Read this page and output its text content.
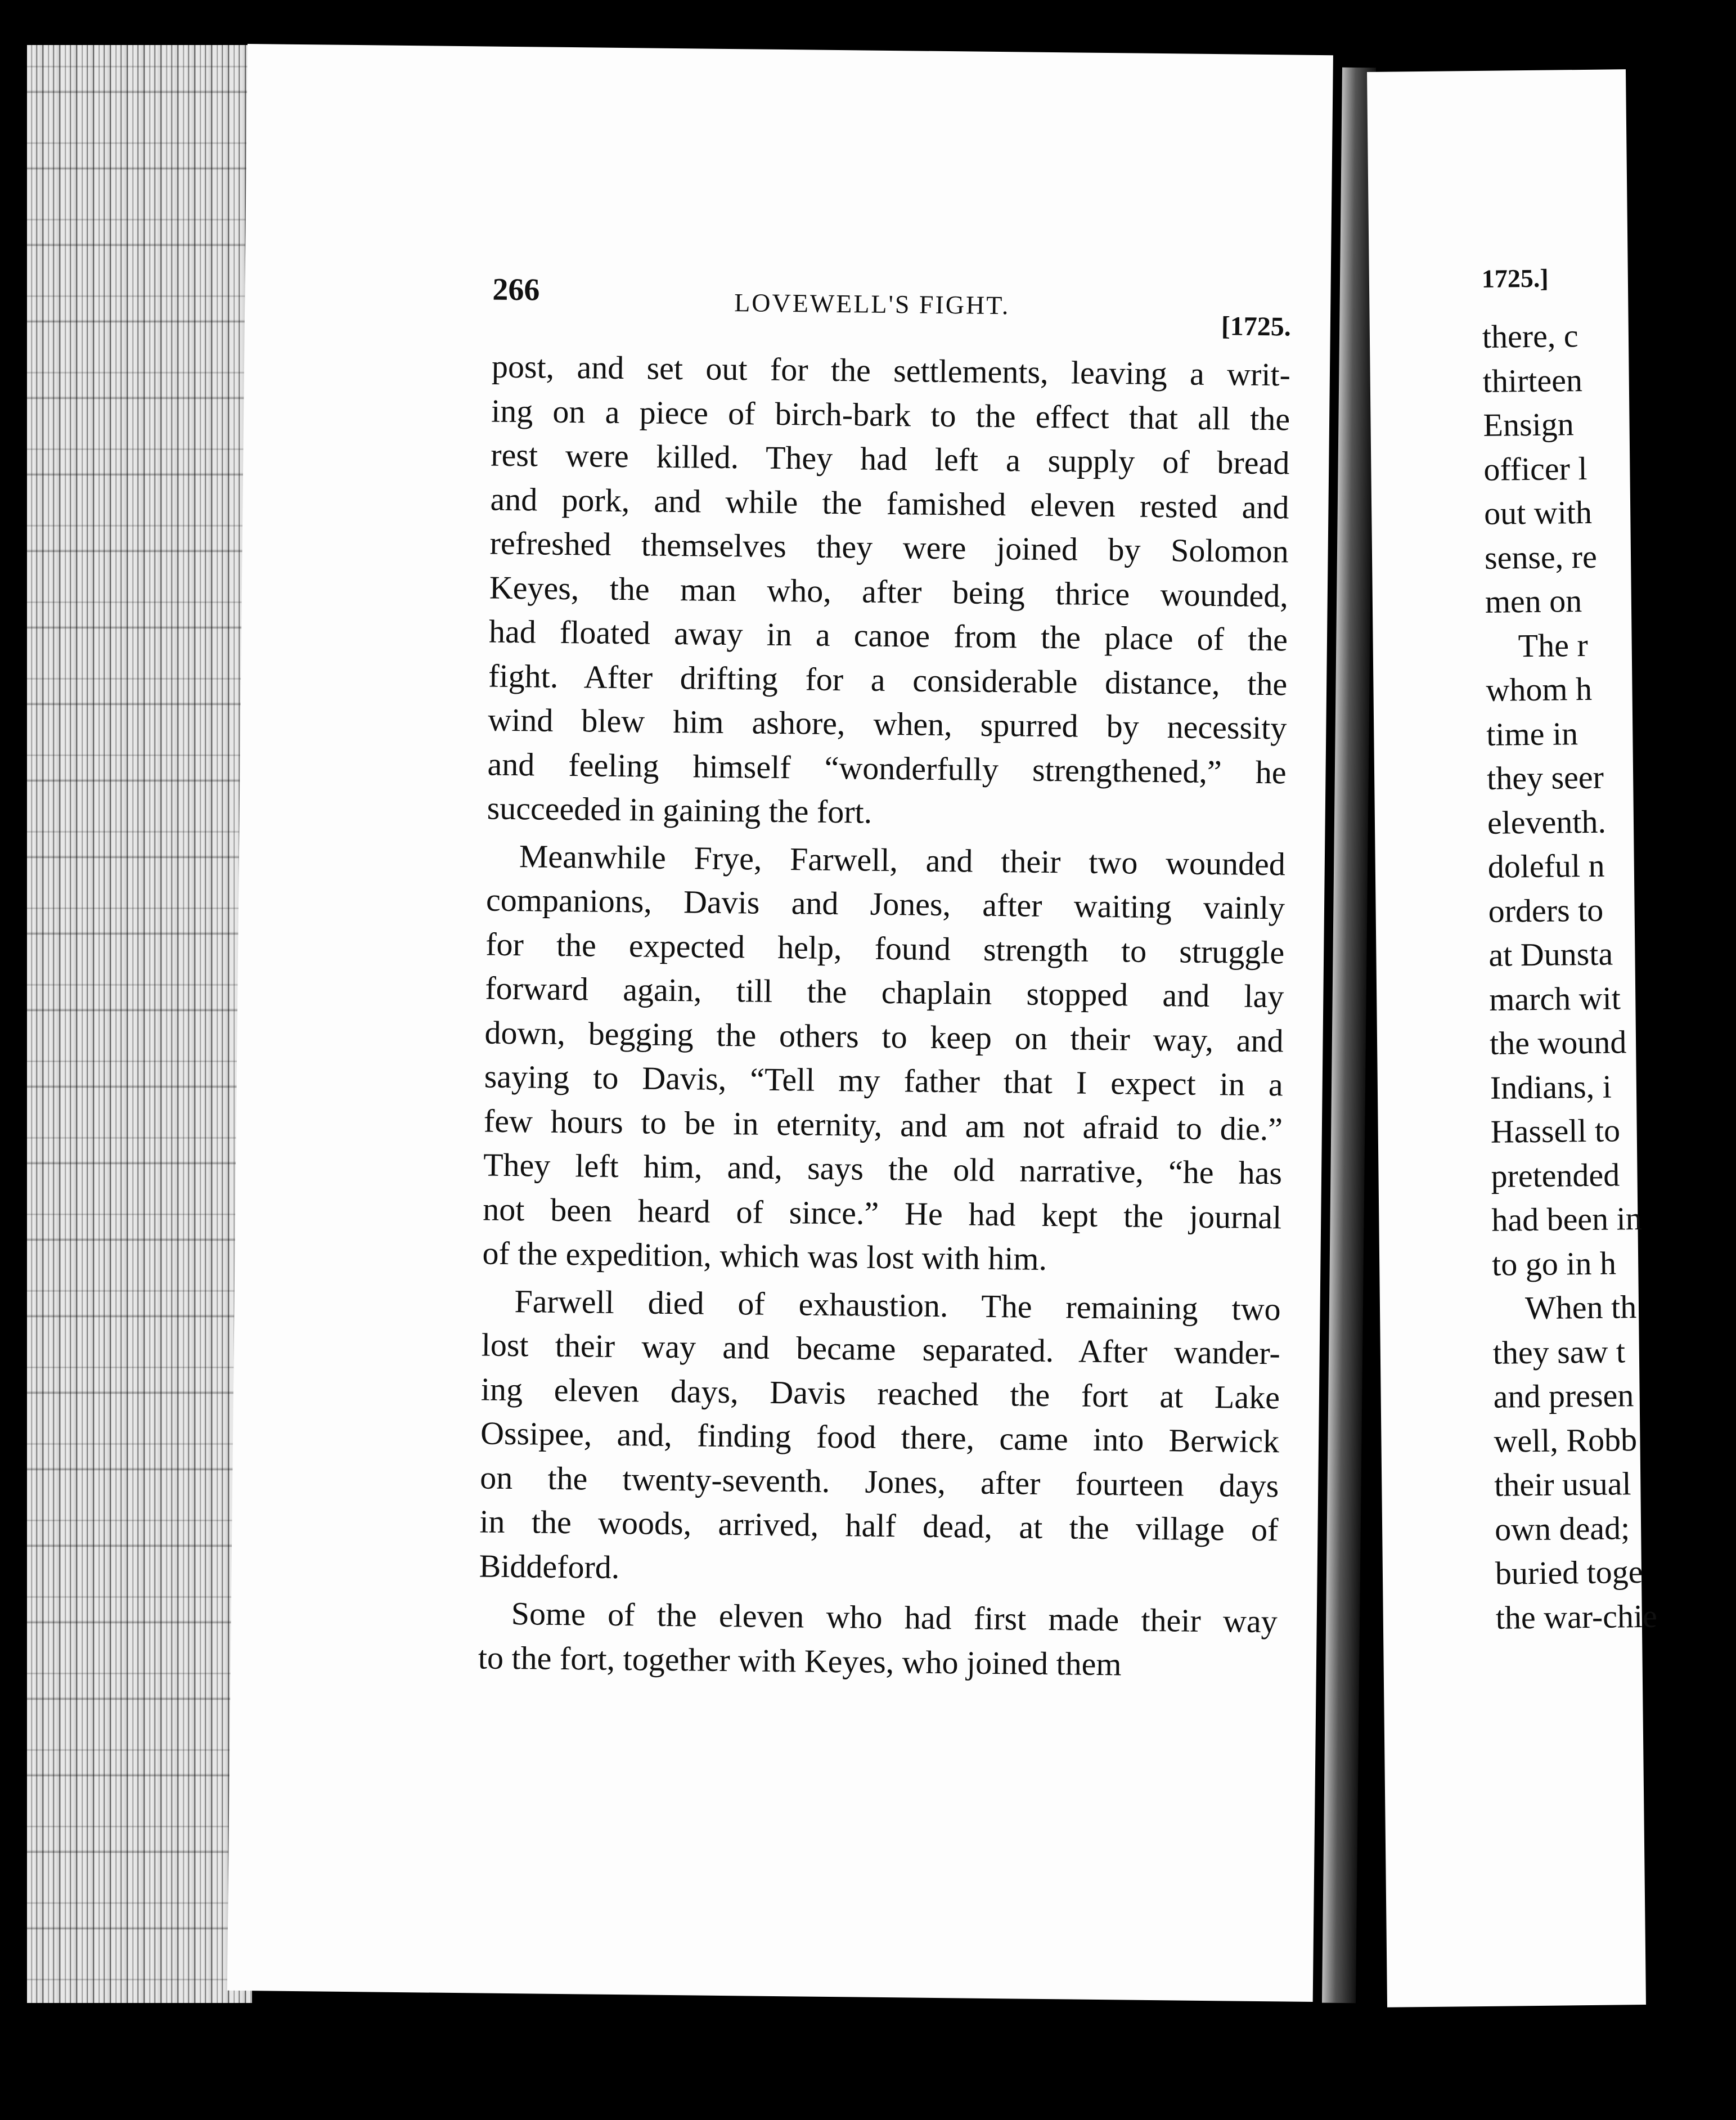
266	LOVEWELL'S FIGHT.
[1725.

post, and set out for the settlements, leaving a writ-
ing on a piece of birch-bark to the effect that all the
rest were killed. They had left a supply of bread
and pork, and while the famished eleven rested and
refreshed themselves they were joined by Solomon
Keyes, the man who, after being thrice wounded,
had floated away in a canoe from the place of the
fight. After drifting for a considerable distance, the
wind blew him ashore, when, spurred by necessity
and feeling himself “wonderfully strengthened,” he
succeeded in gaining the fort.

Meanwhile Frye, Farwell, and their two wounded
companions, Davis and Jones, after waiting vainly
for the expected help, found strength to struggle
forward again, till the chaplain stopped and lay
down, begging the others to keep on their way, and
saying to Davis, “Tell my father that I expect in a
few hours to be in eternity, and am not afraid to die.”
They left him, and, says the old narrative, “he has
not been heard of since.” He had kept the journal
of the expedition, which was lost with him.

Farwell died of exhaustion. The remaining two
lost their way and became separated. After wander-
ing eleven days, Davis reached the fort at Lake
Ossipee, and, finding food there, came into Berwick
on the twenty-seventh. Jones, after fourteen days
in the woods, arrived, half dead, at the village of
Biddeford.

Some of the eleven who had first made their way
to the fort, together with Keyes, who joined them

1725.]
there, c
thirteen
Ensign
officer l
out with
sense, re
men on
The r
whom h
time in
they seer
eleventh.
doleful n
orders to
at Dunsta
march wit
the wound
Indians, i
Hassell to
pretended
had been in
to go in h
When th
they saw t
and presen
well, Robb
their usual
own dead;
buried toge
the war-chie
